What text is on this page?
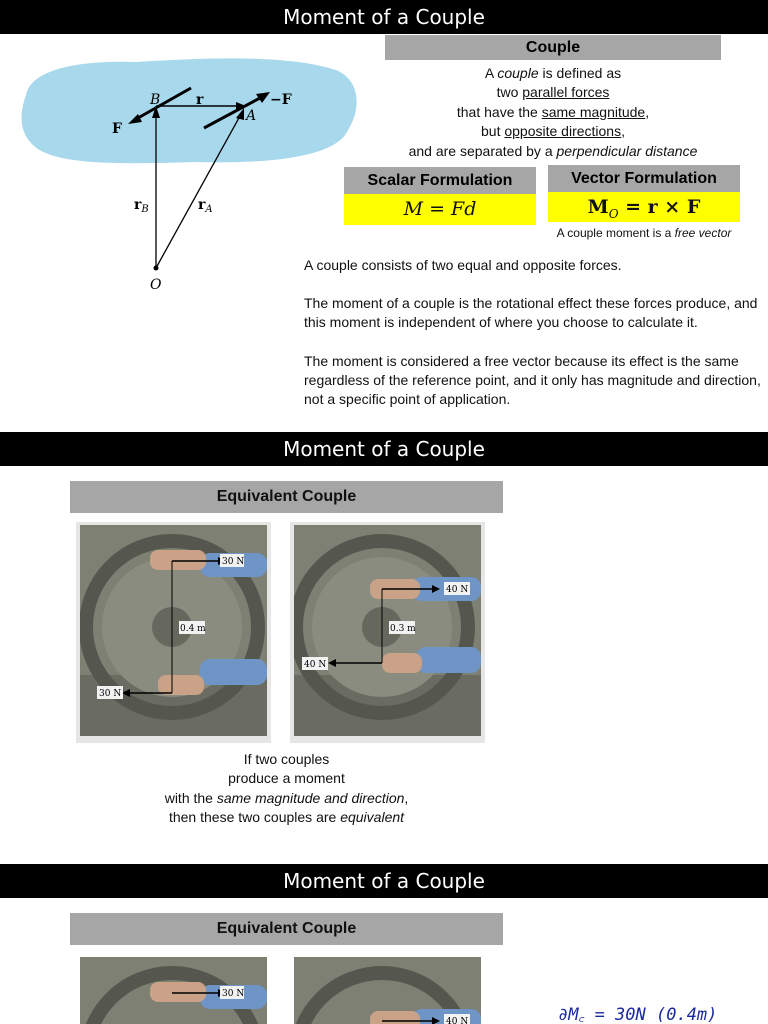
Moment of a Couple
B	r	−F
F
A
$r_B$	$r_A$
O
Couple
A couple is defined as
two parallel forces
that have the same magnitude,
but opposite directions,
and are separated by a perpendicular distance
Scalar Formulation
M = Fd
Vector Formulation
$M_O = r \times F$
A couple moment is a free vector
A couple consists of two equal and opposite forces.
The moment of a couple is the rotational effect these forces produce, and this moment is independent of where you choose to calculate it.
The moment is considered a free vector because its effect is the same regardless of the reference point, and it only has magnitude and direction, not a specific point of application.
Moment of a Couple
Equivalent Couple
30 N
0.4 m
30 N
40 N
0.3 m
40 N
If two couples
produce a moment
with the same magnitude and direction,
then these two couples are equivalent
Moment of a Couple
Equivalent Couple
30 N
40 N	∂M꜀ = 30N (0.4m)
